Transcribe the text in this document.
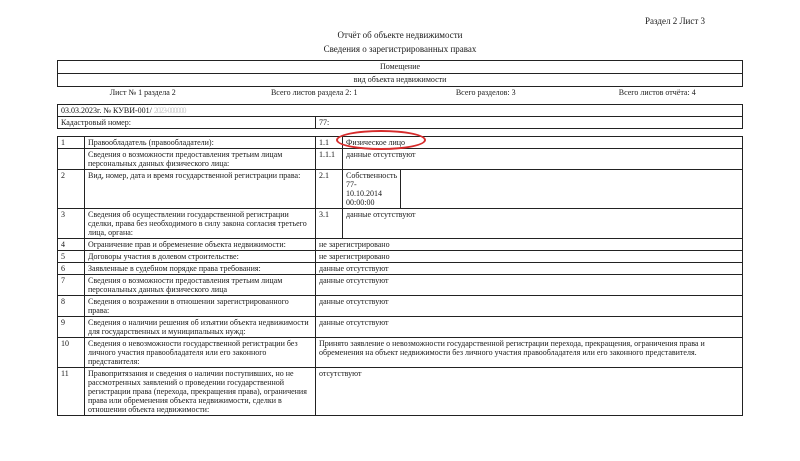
Раздел 2 Лист 3
Отчёт об объекте недвижимости
Сведения о зарегистрированных правах
Помещение
вид объекта недвижимости
Лист № 1 раздела 2	Всего листов раздела 2: 1	Всего разделов: 3	Всего листов отчёта: 4
03.03.2023г. № КУВИ-001/ 2023-000000
Кадастровый номер:	77:
1	Правообладатель (правообладатели):	1.1	Физическое лицо	
	Сведения о возможности предоставления третьим лицам персональных данных физического лица:	1.1.1	данные отсутствуют	
2	Вид, номер, дата и время государственной регистрации права:	2.1	Собственность
77-
10.10.2014 00:00:00	

3	Сведения об осуществлении государственной регистрации сделки, права без необходимого в силу закона согласия третьего лица, органа:	3.1	данные отсутствуют	
4	Ограничение прав и обременение объекта недвижимости:	не зарегистрировано		
5	Договоры участия в долевом строительстве:	не зарегистрировано		
6	Заявленные в судебном порядке права требования:	данные отсутствуют		
7	Сведения о возможности предоставления третьим лицам персональных данных физического лица	данные отсутствуют		
8	Сведения о возражении в отношении зарегистрированного права:	данные отсутствуют		
9	Сведения о наличии решения об изъятии объекта недвижимости для государственных и муниципальных нужд:	данные отсутствуют		
10	Сведения о невозможности государственной регистрации без личного участия правообладателя или его законного представителя:	Принято заявление о невозможности государственной регистрации перехода, прекращения, ограничения права и обременения на объект недвижимости без личного участия правообладателя или его законного представителя.		
11	Правопритязания и сведения о наличии поступивших, но не рассмотренных заявлений о проведении государственной регистрации права (перехода, прекращения права), ограничения права или обременения объекта недвижимости, сделки в отношении объекта недвижимости:	отсутствуют		
